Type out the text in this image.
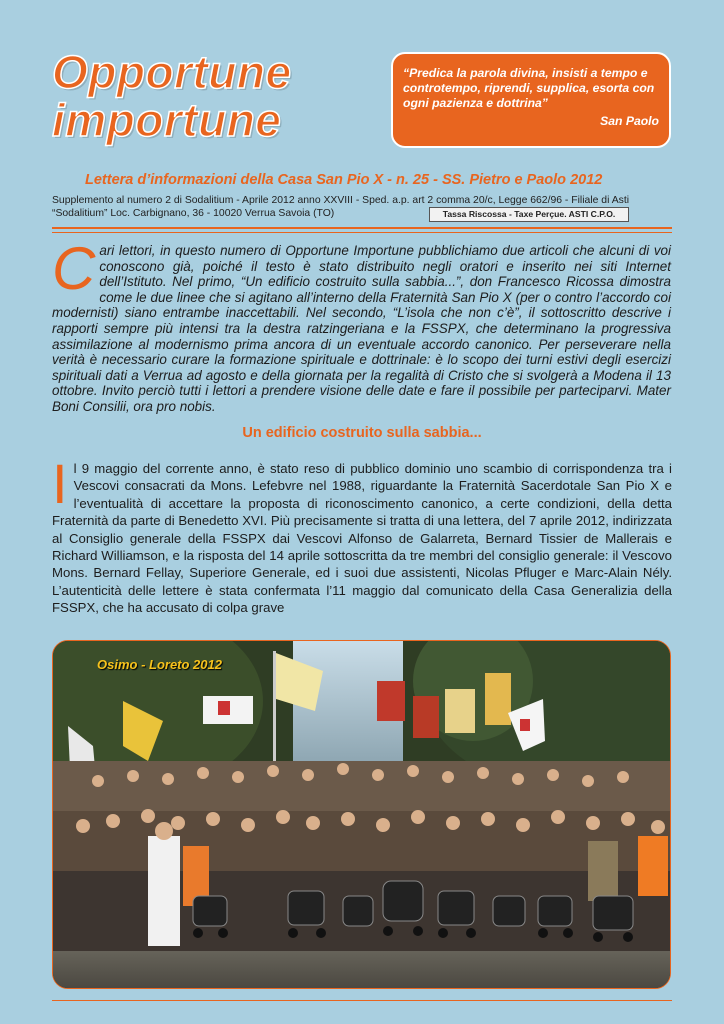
Opportune
importune
“Predica la parola divina, insisti a tempo e controtempo, riprendi, supplica, esorta con ogni pazienza e dottrina”
San Paolo
Lettera d’informazioni della Casa San Pio X - n. 25 - SS. Pietro e Paolo 2012
Supplemento al numero 2 di Sodalitium - Aprile 2012 anno XXVIII - Sped. a.p. art 2 comma 20/c, Legge 662/96 - Filiale di Asti “Sodalitium” Loc. Carbignano, 36 - 10020 Verrua Savoia (TO)	Tassa Riscossa - Taxe Perçue. ASTI C.P.O.
C ari lettori, in questo numero di Opportune Importune pubblichiamo due articoli che alcuni di voi conoscono già, poiché il testo è stato distribuito negli oratori e inserito nei siti Internet dell’Istituto. Nel primo, “Un edificio costruito sulla sabbia...”, don Francesco Ricossa dimostra come le due linee che si agitano all’interno della Fraternità San Pio X (per o contro l’accordo coi modernisti) siano entrambe inaccettabili. Nel secondo, “L’isola che non c’è”, il sottoscritto descrive i rapporti sempre più intensi tra la destra ratzingeriana e la FSSPX, che determinano la progressiva assimilazione al modernismo prima ancora di un eventuale accordo canonico. Per perseverare nella verità è necessario curare la formazione spirituale e dottrinale: è lo scopo dei turni estivi degli esercizi spirituali dati a Verrua ad agosto e della giornata per la regalità di Cristo che si svolgerà a Modena il 13 ottobre. Invito perciò tutti i lettori a prendere visione delle date e fare il possibile per parteciparvi. Mater Boni Consilii, ora pro nobis.
Un edificio costruito sulla sabbia...
I l 9 maggio del corrente anno, è stato reso di pubblico dominio uno scambio di corrispondenza tra i Vescovi consacrati da Mons. Lefebvre nel 1988, riguardante la Fraternità Sacerdotale San Pio X e l’eventualità di accettare la proposta di riconoscimento canonico, a certe condizioni, della detta Fraternità da parte di Benedetto XVI. Più precisamente si tratta di una lettera, del 7 aprile 2012, indirizzata al Consiglio generale della FSSPX dai Vescovi Alfonso de Galarreta, Bernard Tissier de Mallerais e Richard Williamson, e la risposta del 14 aprile sottoscritta da tre membri del consiglio generale: il Vescovo Mons. Bernard Fellay, Superiore Generale, ed i suoi due assistenti, Nicolas Pfluger e Marc-Alain Nély. L’autenticità delle lettere è stata confermata l’11 maggio dal comunicato della Casa Generalizia della FSSPX, che ha accusato di colpa grave
Osimo - Loreto 2012
